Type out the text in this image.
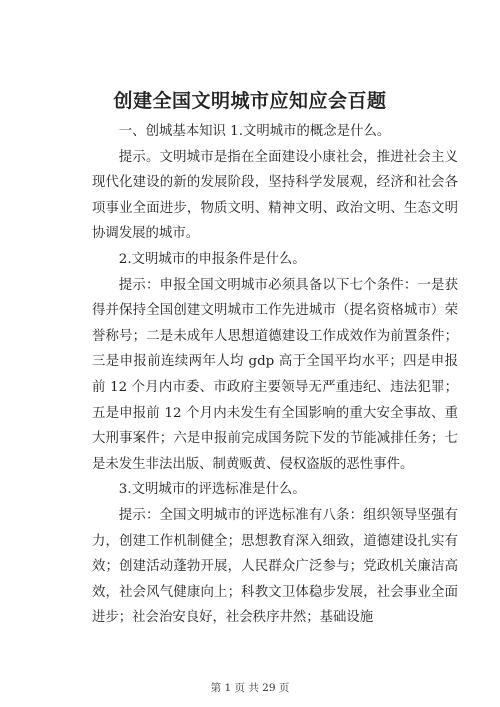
创建全国文明城市应知应会百题

一、创城基本知识 1.文明城市的概念是什么。

提示。文明城市是指在全面建设小康社会，推进社会主义现代化建设的新的发展阶段，坚持科学发展观，经济和社会各项事业全面进步，物质文明、精神文明、政治文明、生态文明协调发展的城市。

2.文明城市的申报条件是什么。

提示：申报全国文明城市必须具备以下七个条件：一是获得并保持全国创建文明城市工作先进城市（提名资格城市）荣誉称号；二是未成年人思想道德建设工作成效作为前置条件；三是申报前连续两年人均 gdp 高于全国平均水平；四是申报前 12 个月内市委、市政府主要领导无严重违纪、违法犯罪；五是申报前 12 个月内未发生有全国影响的重大安全事故、重大刑事案件；六是申报前完成国务院下发的节能减排任务；七是未发生非法出版、制黄贩黄、侵权盗版的恶性事件。

3.文明城市的评选标准是什么。

提示：全国文明城市的评选标准有八条：组织领导坚强有力，创建工作机制健全；思想教育深入细致，道德建设扎实有效；创建活动蓬勃开展，人民群众广泛参与；党政机关廉洁高效，社会风气健康向上；科教文卫体稳步发展，社会事业全面进步；社会治安良好，社会秩序井然；基础设施

第 1 页 共 29 页
